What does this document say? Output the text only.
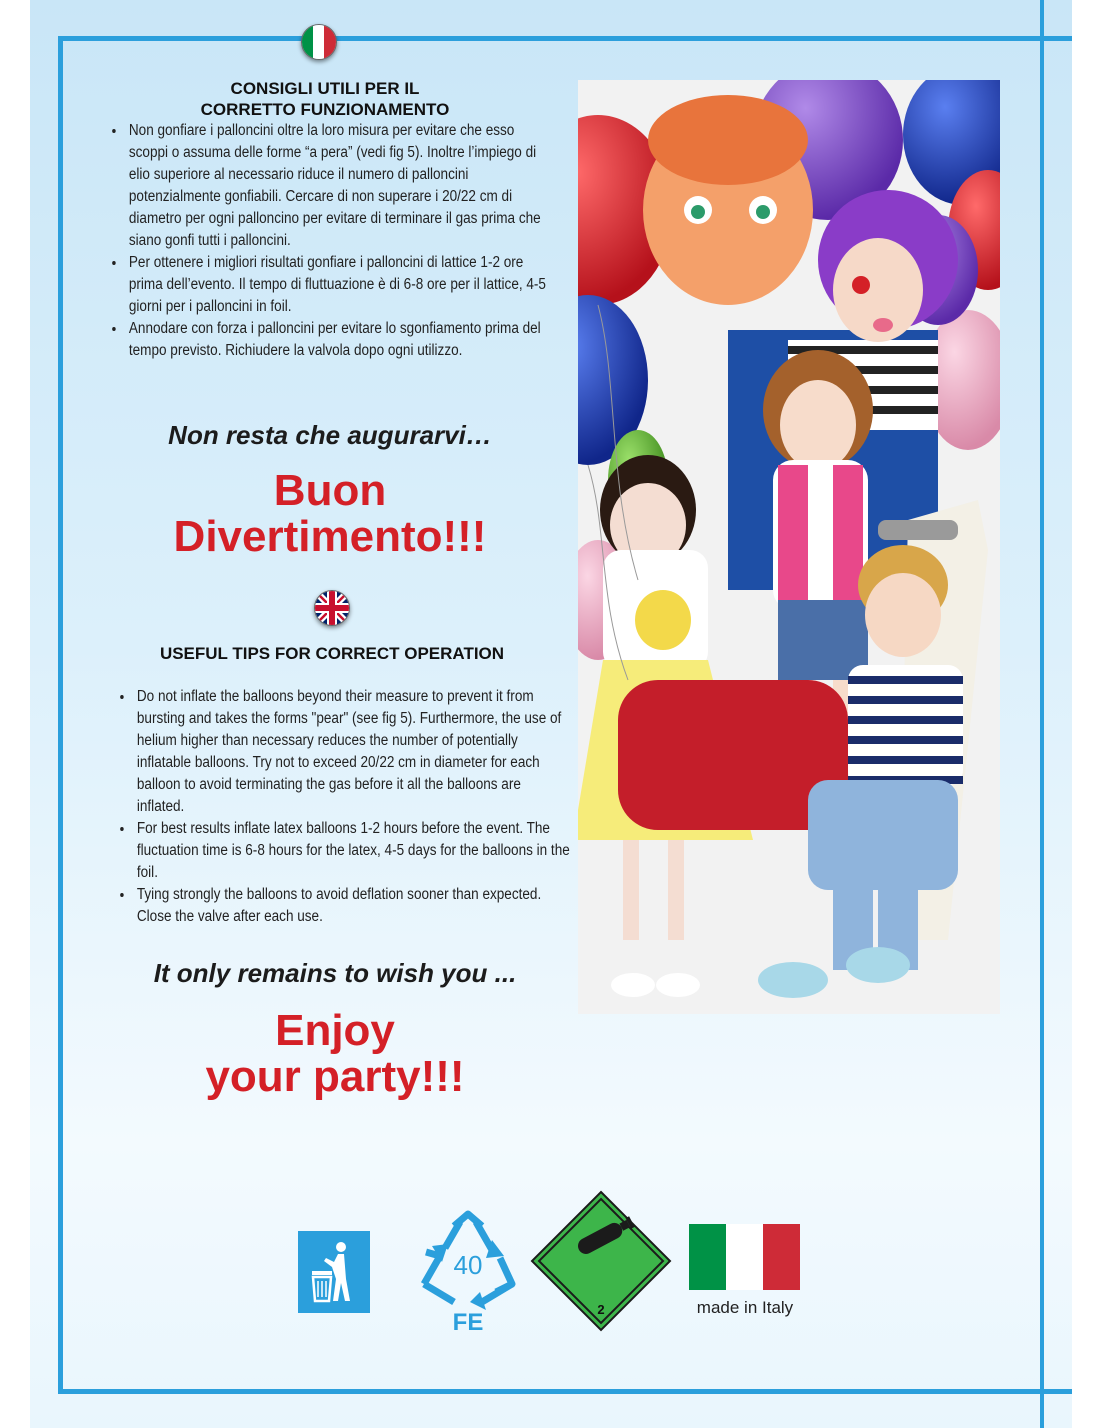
CONSIGLI UTILI PER IL
CORRETTO FUNZIONAMENTO
• Non gonfiare i palloncini oltre la loro misura per evitare che esso scoppi o assuma delle forme “a pera” (vedi fig 5). Inoltre l’impiego di elio superiore al necessario riduce il numero di palloncini potenzialmente gonfiabili. Cercare di non superare i 20/22 cm di diametro per ogni palloncino per evitare di terminare il gas prima che siano gonfi tutti i palloncini.
• Per ottenere i migliori risultati gonfiare i palloncini di lattice 1-2 ore prima dell’evento. Il tempo di fluttuazione è di 6-8 ore per il lattice, 4-5 giorni per i palloncini in foil.
• Annodare con forza i palloncini per evitare lo sgonfiamento prima del tempo previsto. Richiudere la valvola dopo ogni utilizzo.
Non resta che augurarvi…
Buon
Divertimento!!!
USEFUL TIPS FOR CORRECT OPERATION
• Do not inflate the balloons beyond their measure to prevent it from bursting and takes the forms "pear" (see fig 5). Furthermore, the use of helium higher than necessary reduces the number of potentially inflatable balloons. Try not to exceed 20/22 cm in diameter for each balloon to avoid terminating the gas before it all the balloons are inflated.
• For best results inflate latex balloons 1-2 hours before the event. The fluctuation time is 6-8 hours for the latex, 4-5 days for the balloons in the foil.
• Tying strongly the balloons to avoid deflation sooner than expected. Close the valve after each use.
It only remains to wish you ...
Enjoy
your party!!!
40
FE	2	made in Italy
